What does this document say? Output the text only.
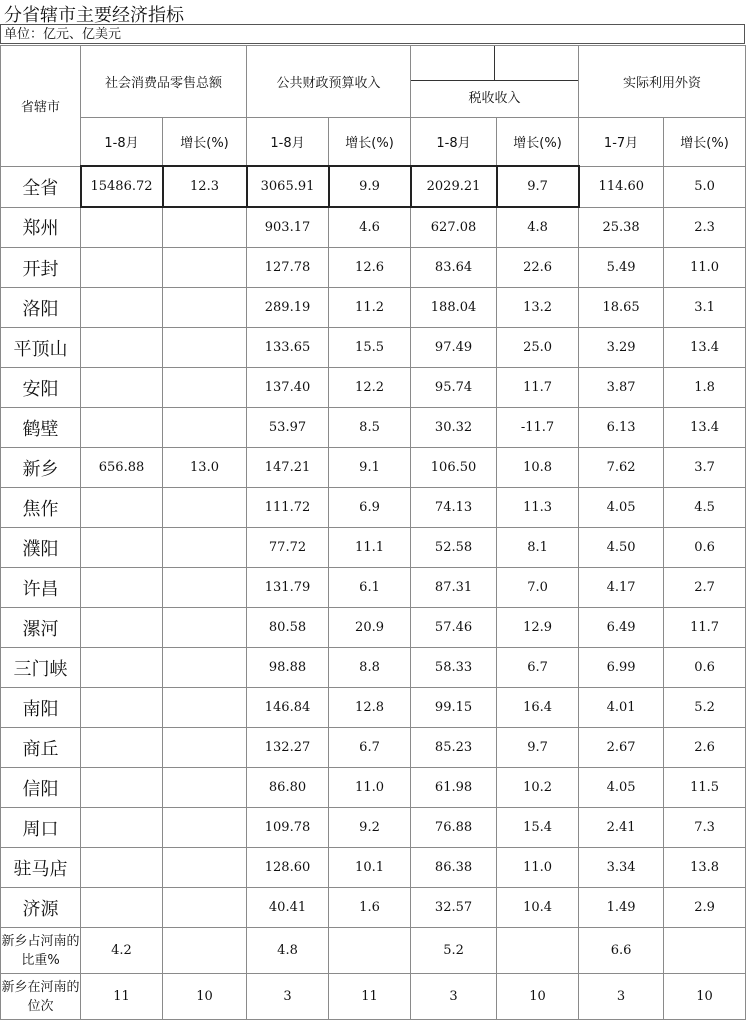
分省辖市主要经济指标
单位：亿元、亿美元
省辖市	社会消费品零售总额		公共财政预算收入		税收收入		实际利用外资	
	1-8月	增长(%)	1-8月	增长(%)	1-8月	增长(%)	1-7月	增长(%)
全省	15486.72	12.3	3065.91	9.9	2029.21	9.7	114.60	5.0
郑州			903.17	4.6	627.08	4.8	25.38	2.3
开封			127.78	12.6	83.64	22.6	5.49	11.0
洛阳			289.19	11.2	188.04	13.2	18.65	3.1
平顶山			133.65	15.5	97.49	25.0	3.29	13.4
安阳			137.40	12.2	95.74	11.7	3.87	1.8
鹤壁			53.97	8.5	30.32	-11.7	6.13	13.4
新乡	656.88	13.0	147.21	9.1	106.50	10.8	7.62	3.7
焦作			111.72	6.9	74.13	11.3	4.05	4.5
濮阳			77.72	11.1	52.58	8.1	4.50	0.6
许昌			131.79	6.1	87.31	7.0	4.17	2.7
漯河			80.58	20.9	57.46	12.9	6.49	11.7
三门峡			98.88	8.8	58.33	6.7	6.99	0.6
南阳			146.84	12.8	99.15	16.4	4.01	5.2
商丘			132.27	6.7	85.23	9.7	2.67	2.6
信阳			86.80	11.0	61.98	10.2	4.05	11.5
周口			109.78	9.2	76.88	15.4	2.41	7.3
驻马店			128.60	10.1	86.38	11.0	3.34	13.8
济源			40.41	1.6	32.57	10.4	1.49	2.9
新乡占河南的比重%	4.2		4.8		5.2		6.6	
新乡在河南的位次	11	10	3	11	3	10	3	10
